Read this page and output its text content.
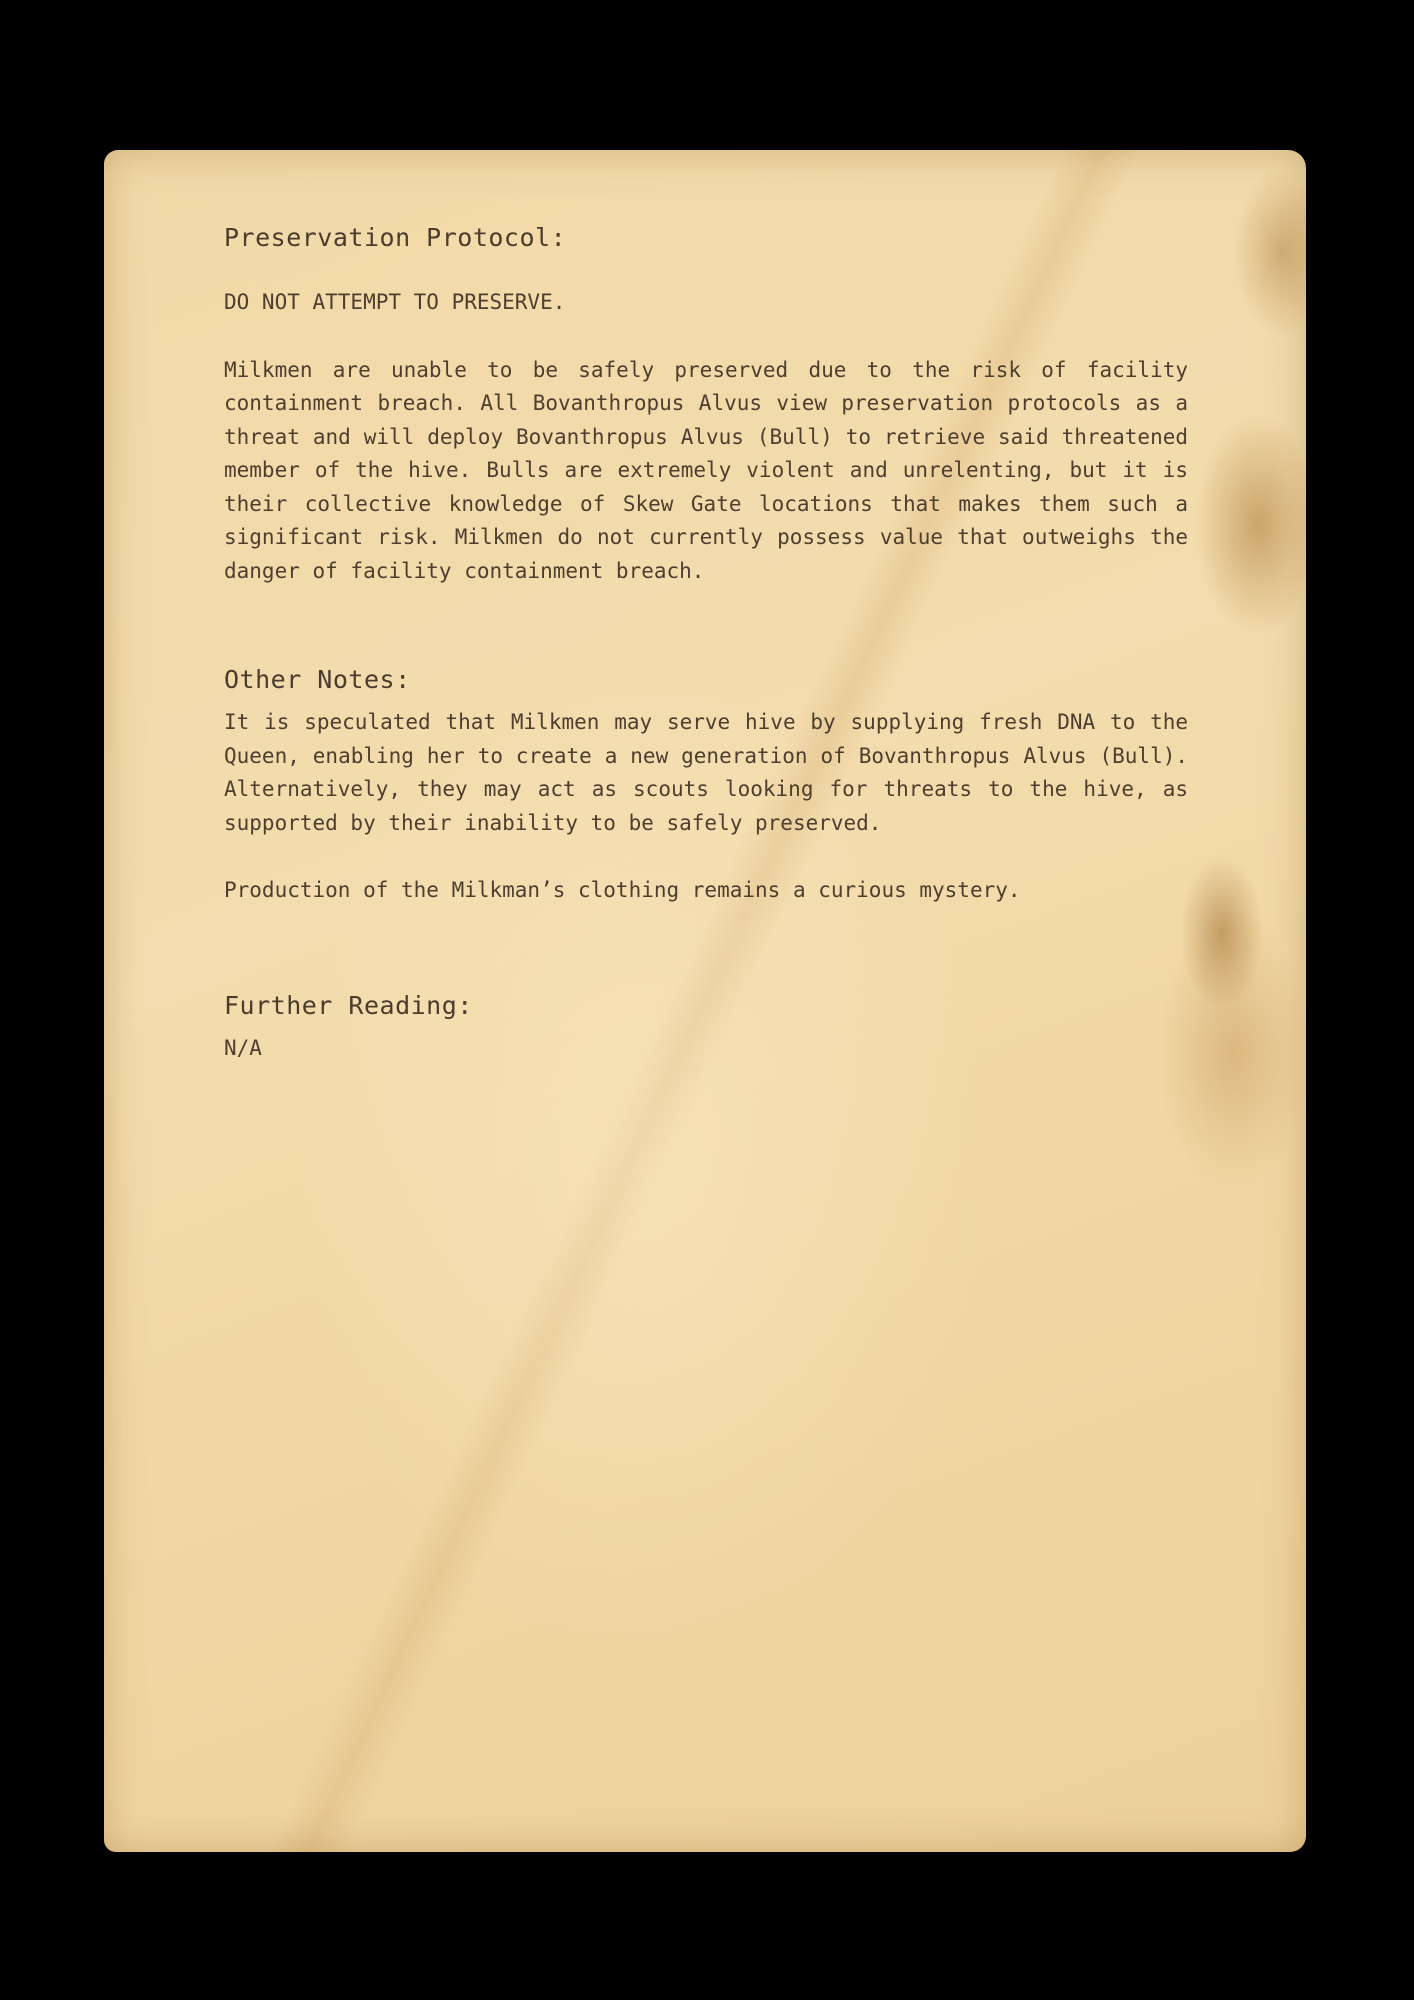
Preservation Protocol:

DO NOT ATTEMPT TO PRESERVE.

Milkmen are unable to be safely preserved due to the risk of facility containment breach. All Bovanthropus Alvus view preservation protocols as a threat and will deploy Bovanthropus Alvus (Bull) to retrieve said threatened member of the hive. Bulls are extremely violent and unrelenting, but it is their collective knowledge of Skew Gate locations that makes them such a significant risk. Milkmen do not currently possess value that outweighs the danger of facility containment breach.

Other Notes:

It is speculated that Milkmen may serve hive by supplying fresh DNA to the Queen, enabling her to create a new generation of Bovanthropus Alvus (Bull). Alternatively, they may act as scouts looking for threats to the hive, as supported by their inability to be safely preserved.

Production of the Milkman’s clothing remains a curious mystery.

Further Reading:

N/A
